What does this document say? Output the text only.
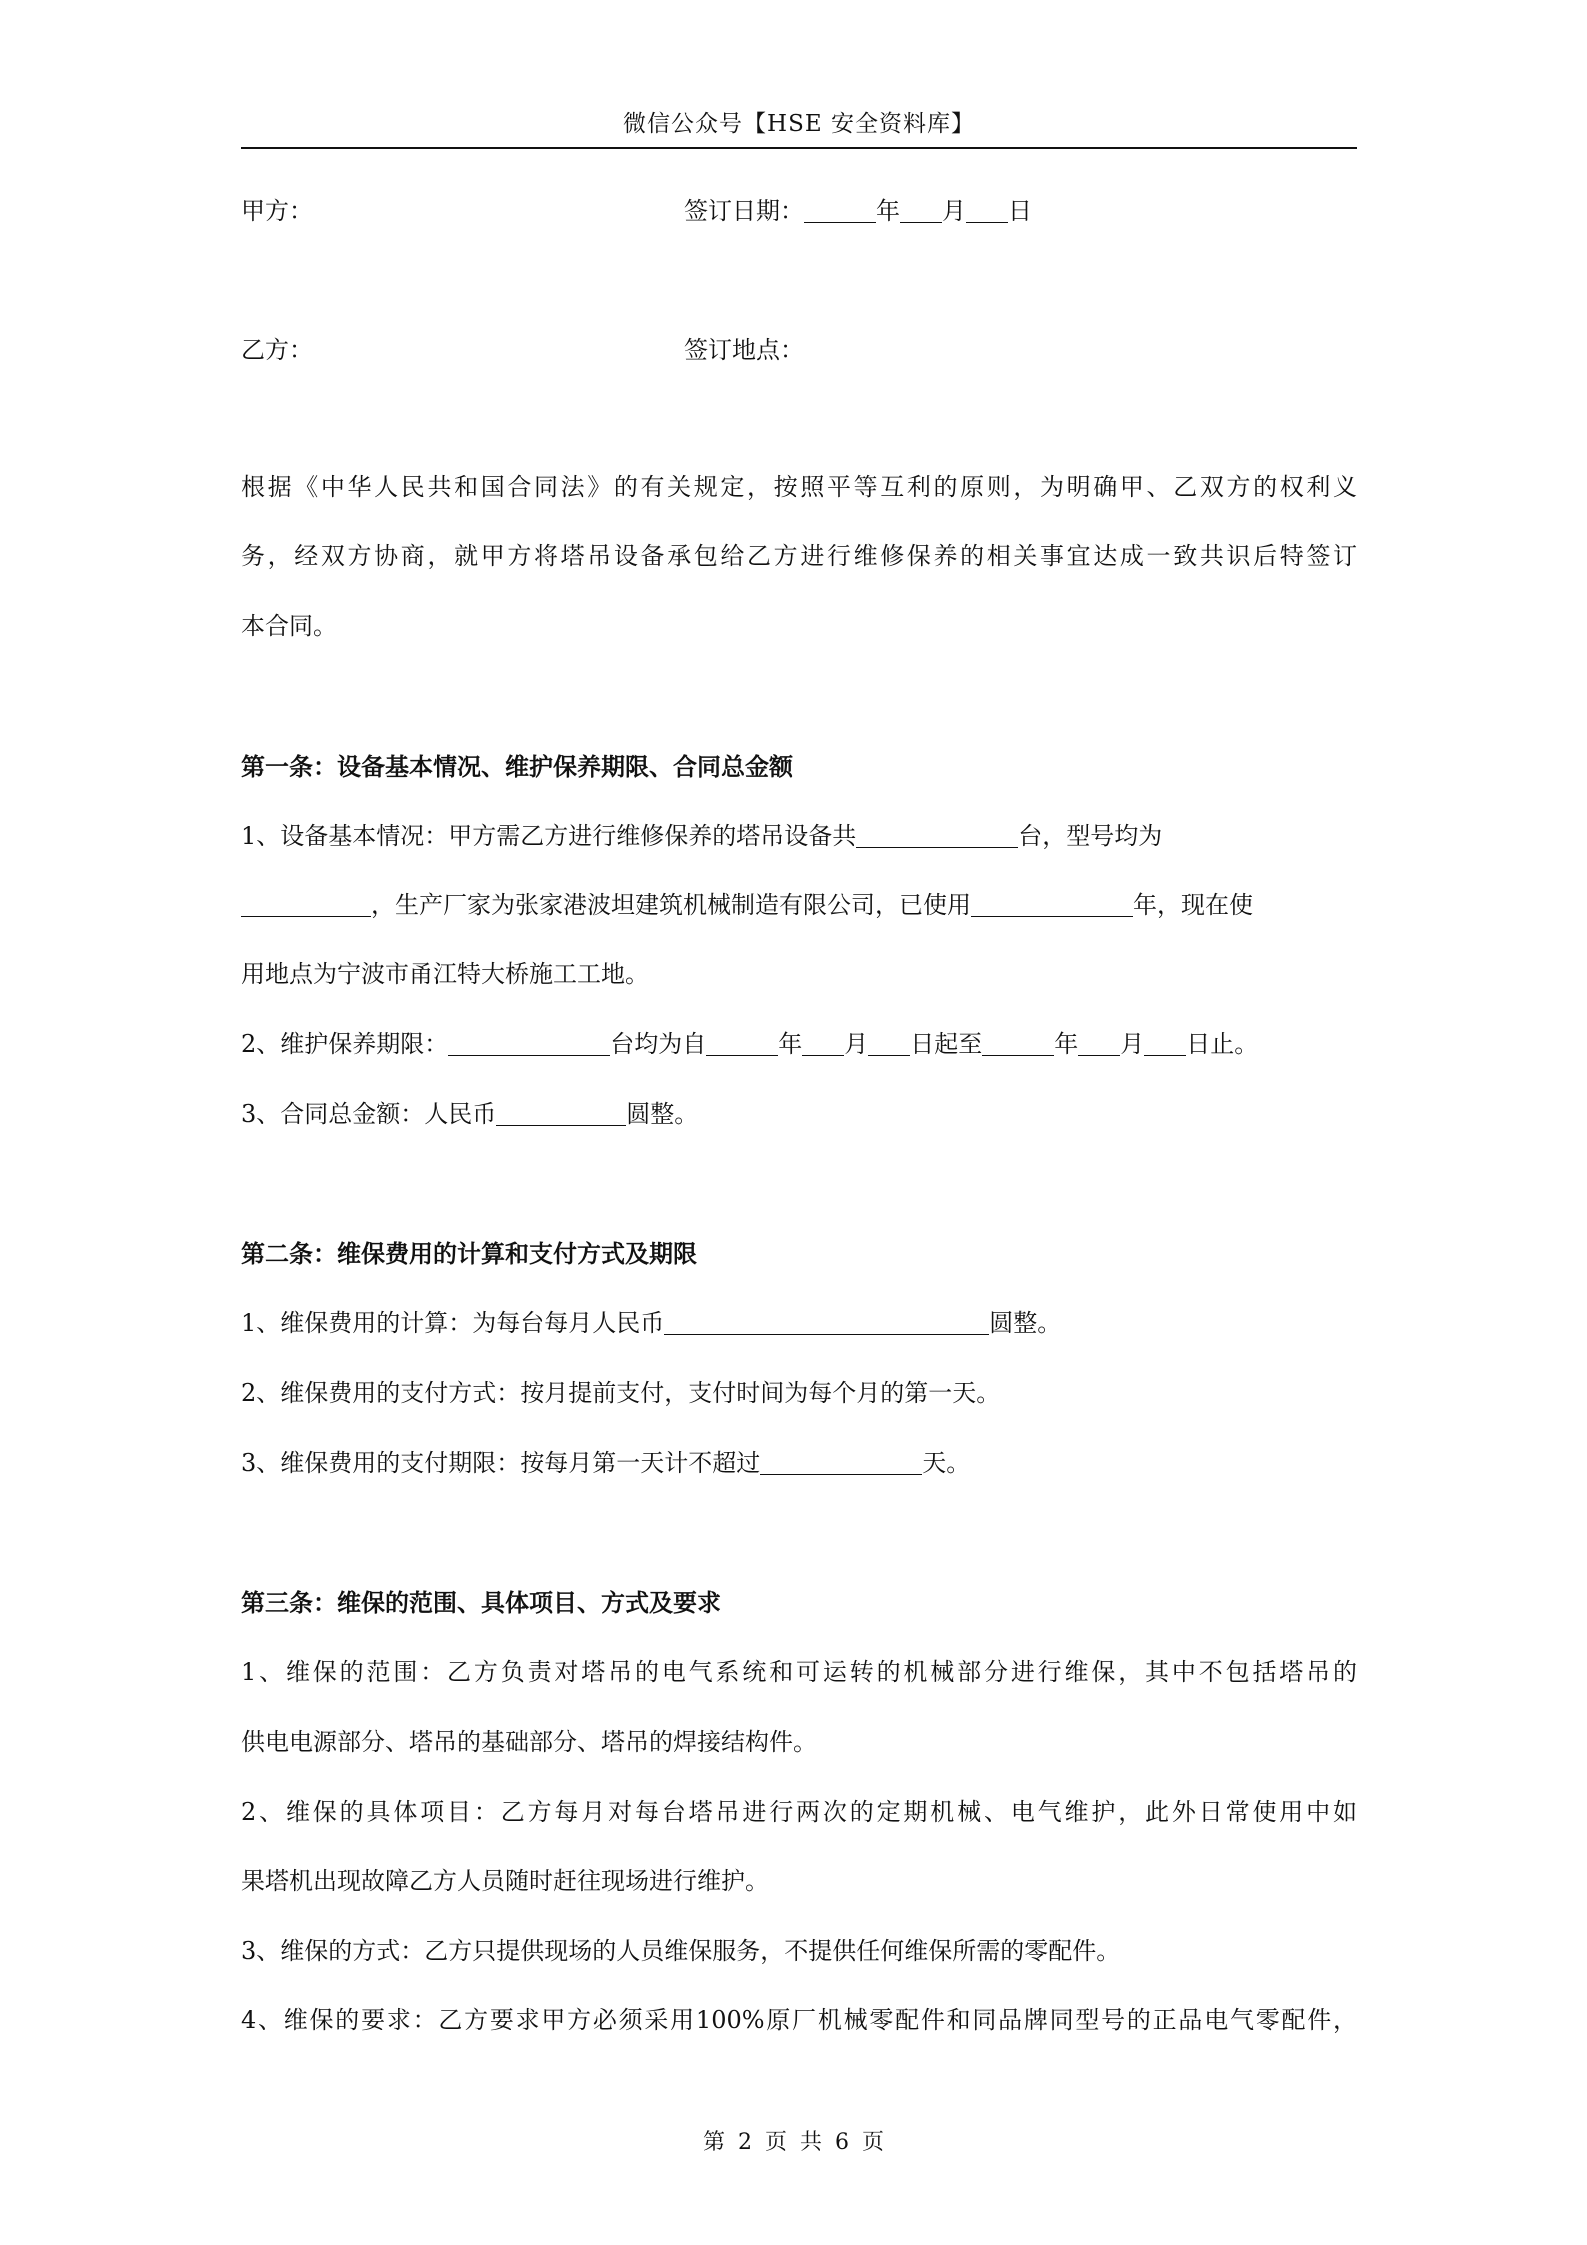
微信公众号【HSE 安全资料库】
甲方：	签订日期：	年 月 日
乙方：	签订地点：
根据《中华人民共和国合同法》的有关规定，按照平等互利的原则，为明确甲、乙双方的权利义
务，经双方协商，就甲方将塔吊设备承包给乙方进行维修保养的相关事宜达成一致共识后特签订
本合同。
第一条：设备基本情况、维护保养期限、合同总金额
1、设备基本情况：甲方需乙方进行维修保养的塔吊设备共	台，型号均为
，生产厂家为张家港波坦建筑机械制造有限公司，已使用	年，现在使
用地点为宁波市甬江特大桥施工工地。
2、维护保养期限：	台均为自	年 月 日起至	年 月 日止。
3、合同总金额：人民币	圆整。
第二条：维保费用的计算和支付方式及期限
1、维保费用的计算：为每台每月人民币	圆整。
2、维保费用的支付方式：按月提前支付，支付时间为每个月的第一天。
3、维保费用的支付期限：按每月第一天计不超过	天。
第三条：维保的范围、具体项目、方式及要求
1、维保的范围：乙方负责对塔吊的电气系统和可运转的机械部分进行维保，其中不包括塔吊的
供电电源部分、塔吊的基础部分、塔吊的焊接结构件。
2、维保的具体项目：乙方每月对每台塔吊进行两次的定期机械、电气维护，此外日常使用中如
果塔机出现故障乙方人员随时赶往现场进行维护。
3、维保的方式：乙方只提供现场的人员维保服务，不提供任何维保所需的零配件。
4、维保的要求：乙方要求甲方必须采用100%原厂机械零配件和同品牌同型号的正品电气零配件，
第 2 页 共 6 页
